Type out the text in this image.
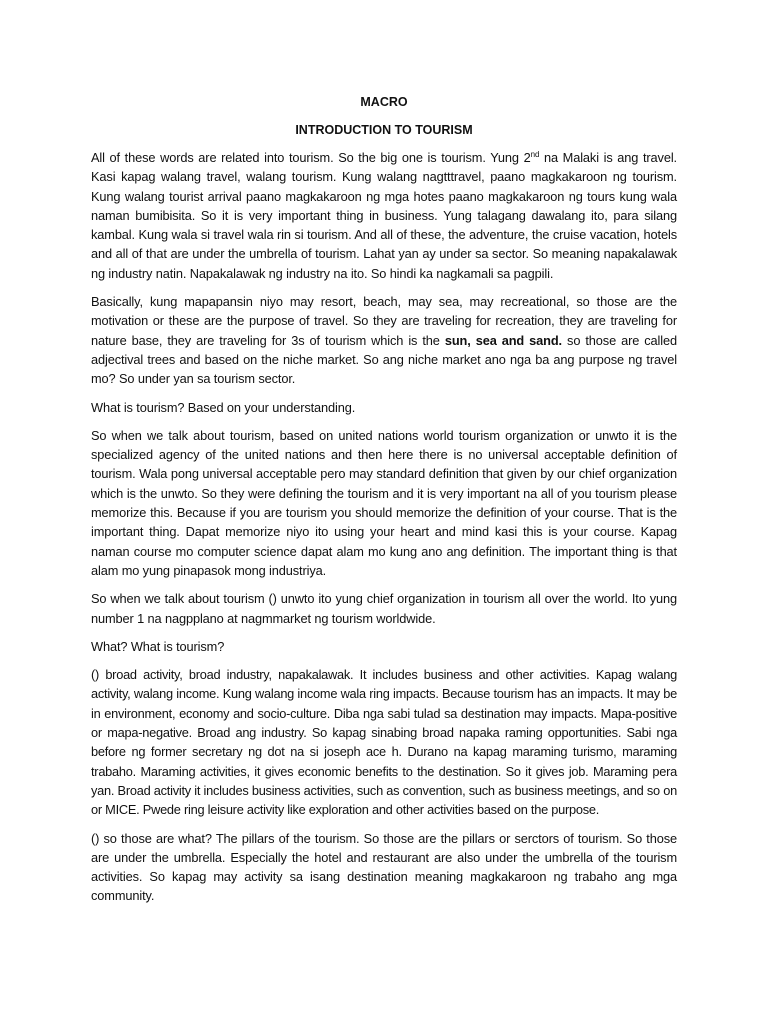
MACRO
INTRODUCTION TO TOURISM

All of these words are related into tourism. So the big one is tourism. Yung 2nd na Malaki is ang travel. Kasi kapag walang travel, walang tourism. Kung walang nagtttravel, paano magkakaroon ng tourism. Kung walang tourist arrival paano magkakaroon ng mga hotes paano magkakaroon ng tours kung wala naman bumibisita. So it is very important thing in business. Yung talagang dawalang ito, para silang kambal. Kung wala si travel wala rin si tourism. And all of these, the adventure, the cruise vacation, hotels and all of that are under the umbrella of tourism. Lahat yan ay under sa sector. So meaning napakalawak ng industry natin. Napakalawak ng industry na ito. So hindi ka nagkamali sa pagpili.

Basically, kung mapapansin niyo may resort, beach, may sea, may recreational, so those are the motivation or these are the purpose of travel. So they are traveling for recreation, they are traveling for nature base, they are traveling for 3s of tourism which is the sun, sea and sand. so those are called adjectival trees and based on the niche market. So ang niche market ano nga ba ang purpose ng travel mo? So under yan sa tourism sector.

What is tourism? Based on your understanding.

So when we talk about tourism, based on united nations world tourism organization or unwto it is the specialized agency of the united nations and then here there is no universal acceptable definition of tourism. Wala pong universal acceptable pero may standard definition that given by our chief organization which is the unwto. So they were defining the tourism and it is very important na all of you tourism please memorize this. Because if you are tourism you should memorize the definition of your course. That is the important thing. Dapat memorize niyo ito using your heart and mind kasi this is your course. Kapag naman course mo computer science dapat alam mo kung ano ang definition. The important thing is that alam mo yung pinapasok mong industriya.

So when we talk about tourism () unwto ito yung chief organization in tourism all over the world. Ito yung number 1 na nagpplano at nagmmarket ng tourism worldwide.

What? What is tourism?

() broad activity, broad industry, napakalawak. It includes business and other activities. Kapag walang activity, walang income. Kung walang income wala ring impacts. Because tourism has an impacts. It may be in environment, economy and socio-culture. Diba nga sabi tulad sa destination may impacts. Mapa-positive or mapa-negative. Broad ang industry. So kapag sinabing broad napaka raming opportunities. Sabi nga before ng former secretary ng dot na si joseph ace h. Durano na kapag maraming turismo, maraming trabaho. Maraming activities, it gives economic benefits to the destination. So it gives job. Maraming pera yan. Broad activity it includes business activities, such as convention, such as business meetings, and so on or MICE. Pwede ring leisure activity like exploration and other activities based on the purpose.

() so those are what? The pillars of the tourism. So those are the pillars or serctors of tourism. So those are under the umbrella. Especially the hotel and restaurant are also under the umbrella of the tourism activities. So kapag may activity sa isang destination meaning magkakaroon ng trabaho ang mga community.
